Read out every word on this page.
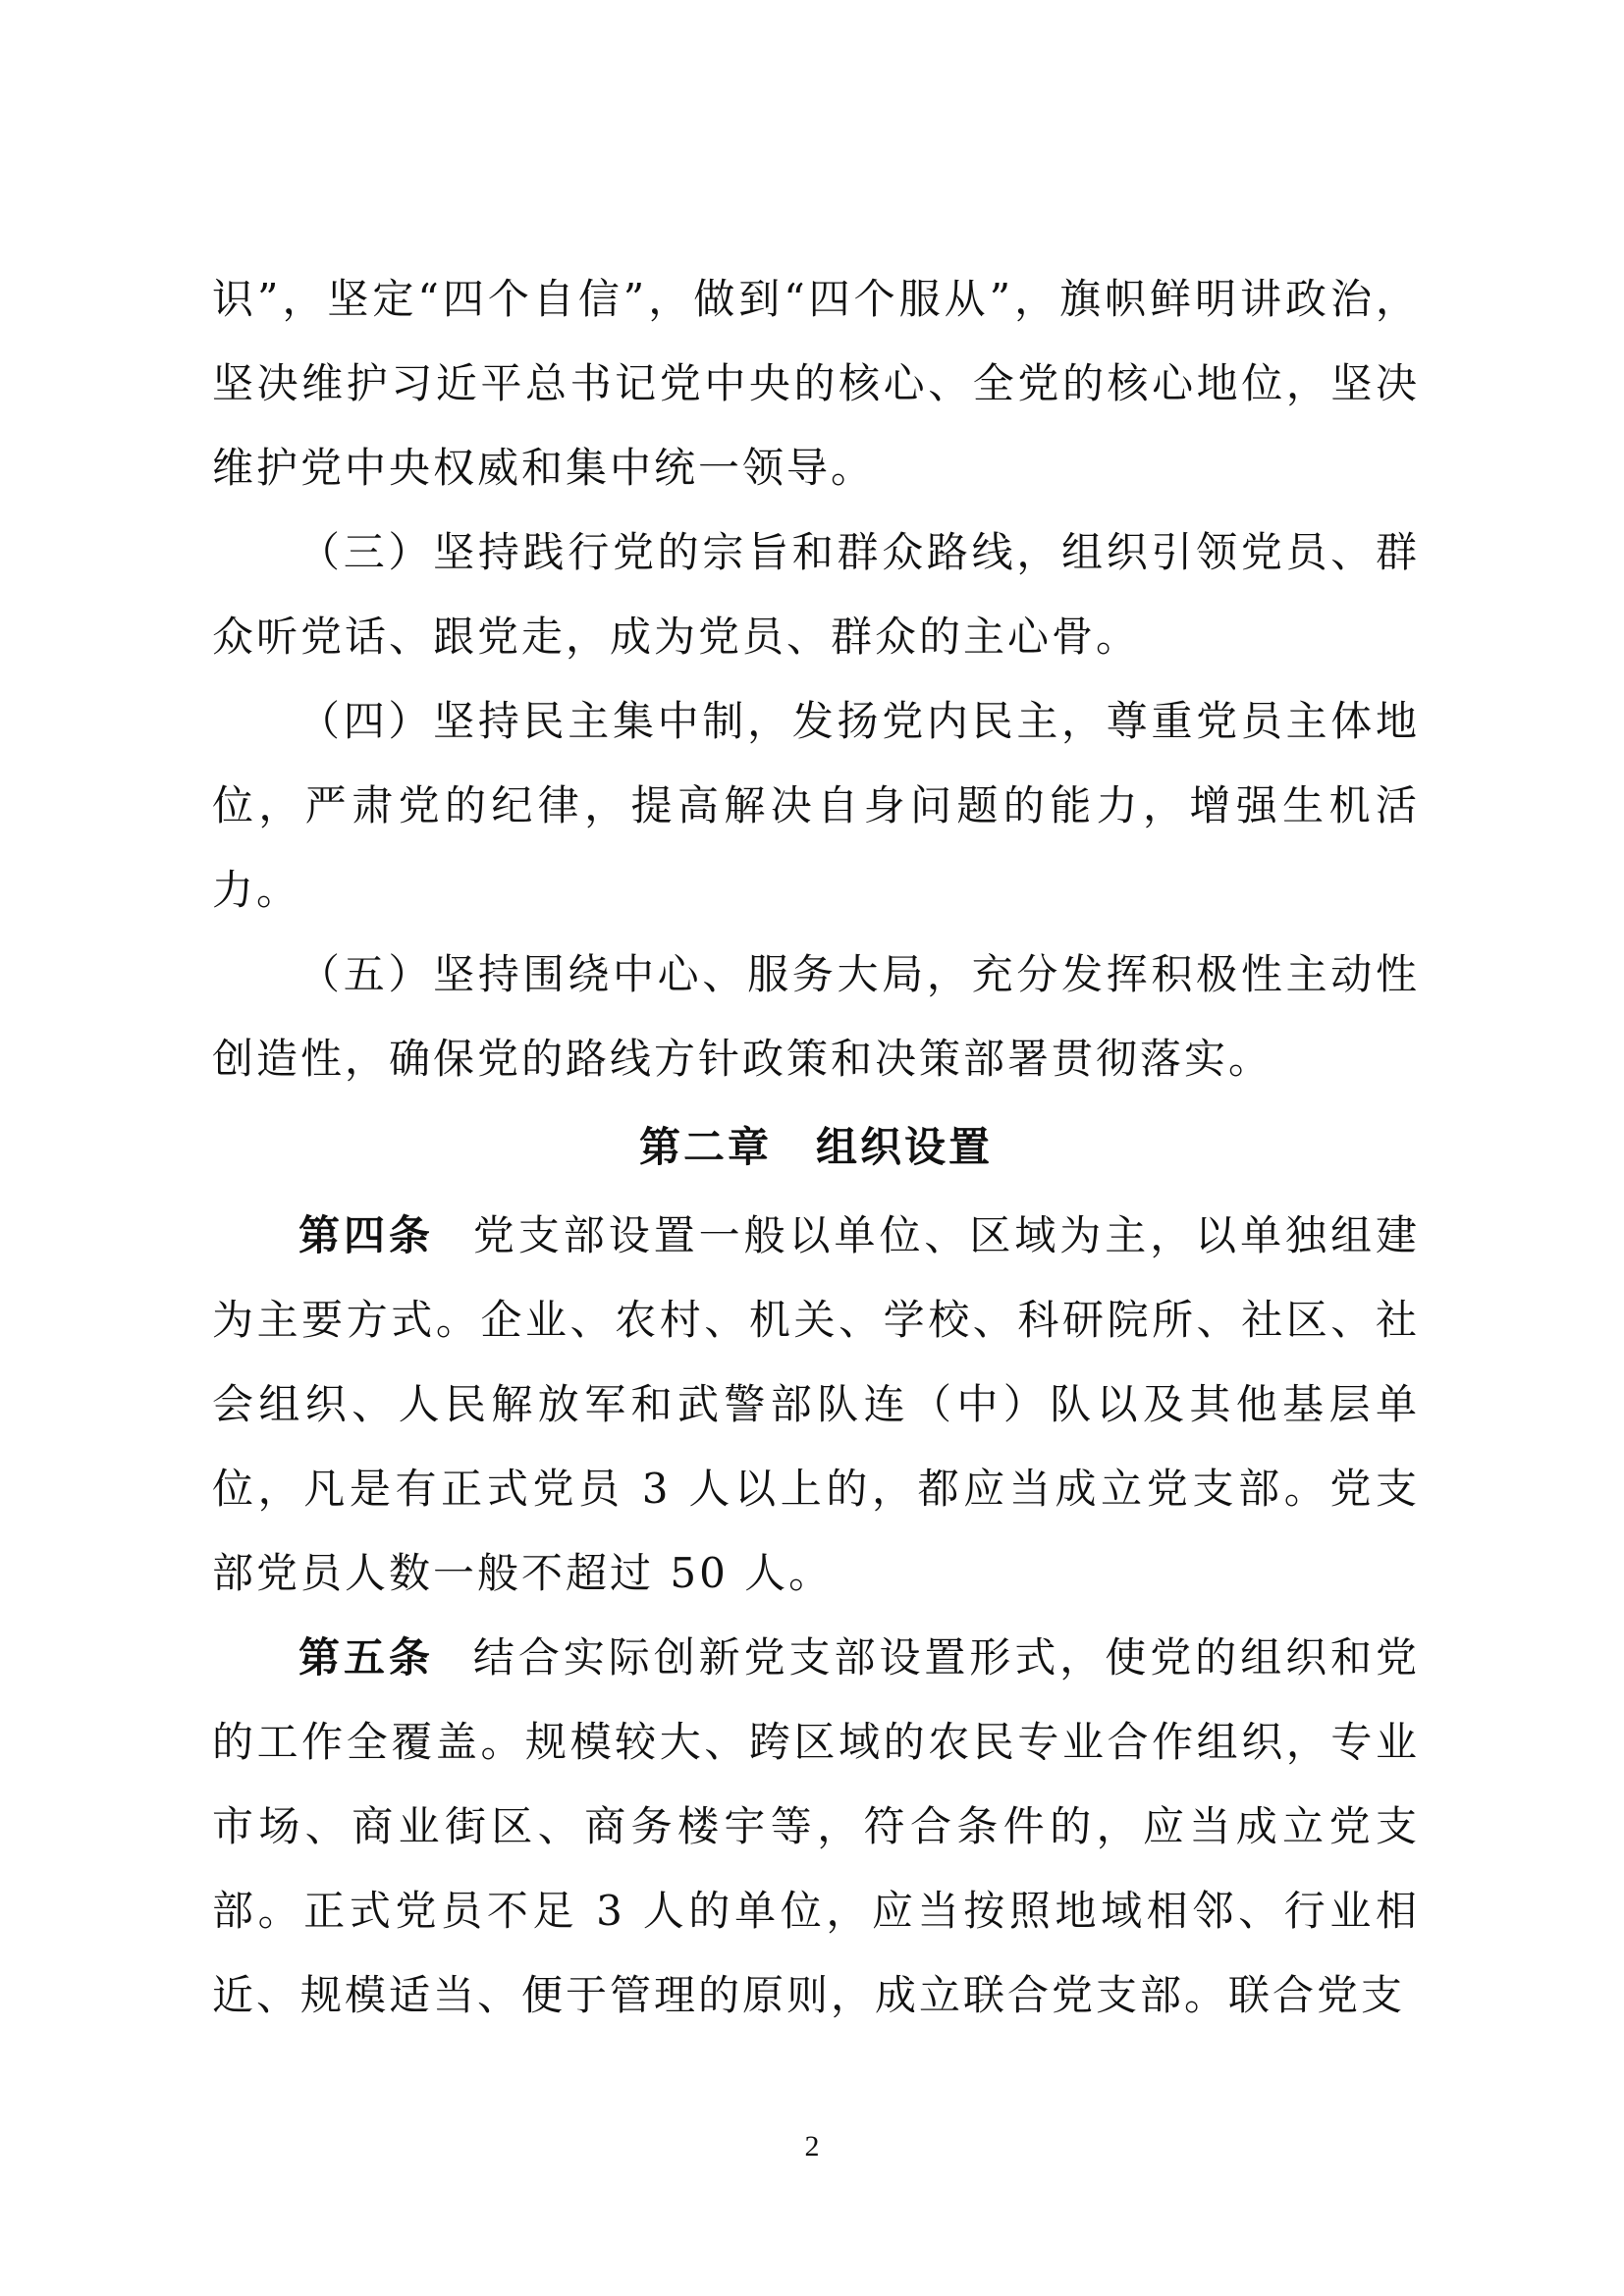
识”，坚定“四个自信”，做到“四个服从”，旗帜鲜明讲政治，坚决维护习近平总书记党中央的核心、全党的核心地位，坚决维护党中央权威和集中统一领导。

（三）坚持践行党的宗旨和群众路线，组织引领党员、群众听党话、跟党走，成为党员、群众的主心骨。

（四）坚持民主集中制，发扬党内民主，尊重党员主体地位，严肃党的纪律，提高解决自身问题的能力，增强生机活力。

（五）坚持围绕中心、服务大局，充分发挥积极性主动性创造性，确保党的路线方针政策和决策部署贯彻落实。

第二章　组织设置

第四条 党支部设置一般以单位、区域为主，以单独组建为主要方式。企业、农村、机关、学校、科研院所、社区、社会组织、人民解放军和武警部队连（中）队以及其他基层单位，凡是有正式党员 3 人以上的，都应当成立党支部。党支部党员人数一般不超过 50 人。

第五条 结合实际创新党支部设置形式，使党的组织和党的工作全覆盖。规模较大、跨区域的农民专业合作组织，专业市场、商业街区、商务楼宇等，符合条件的，应当成立党支部。正式党员不足 3 人的单位，应当按照地域相邻、行业相近、规模适当、便于管理的原则，成立联合党支部。联合党支

2
